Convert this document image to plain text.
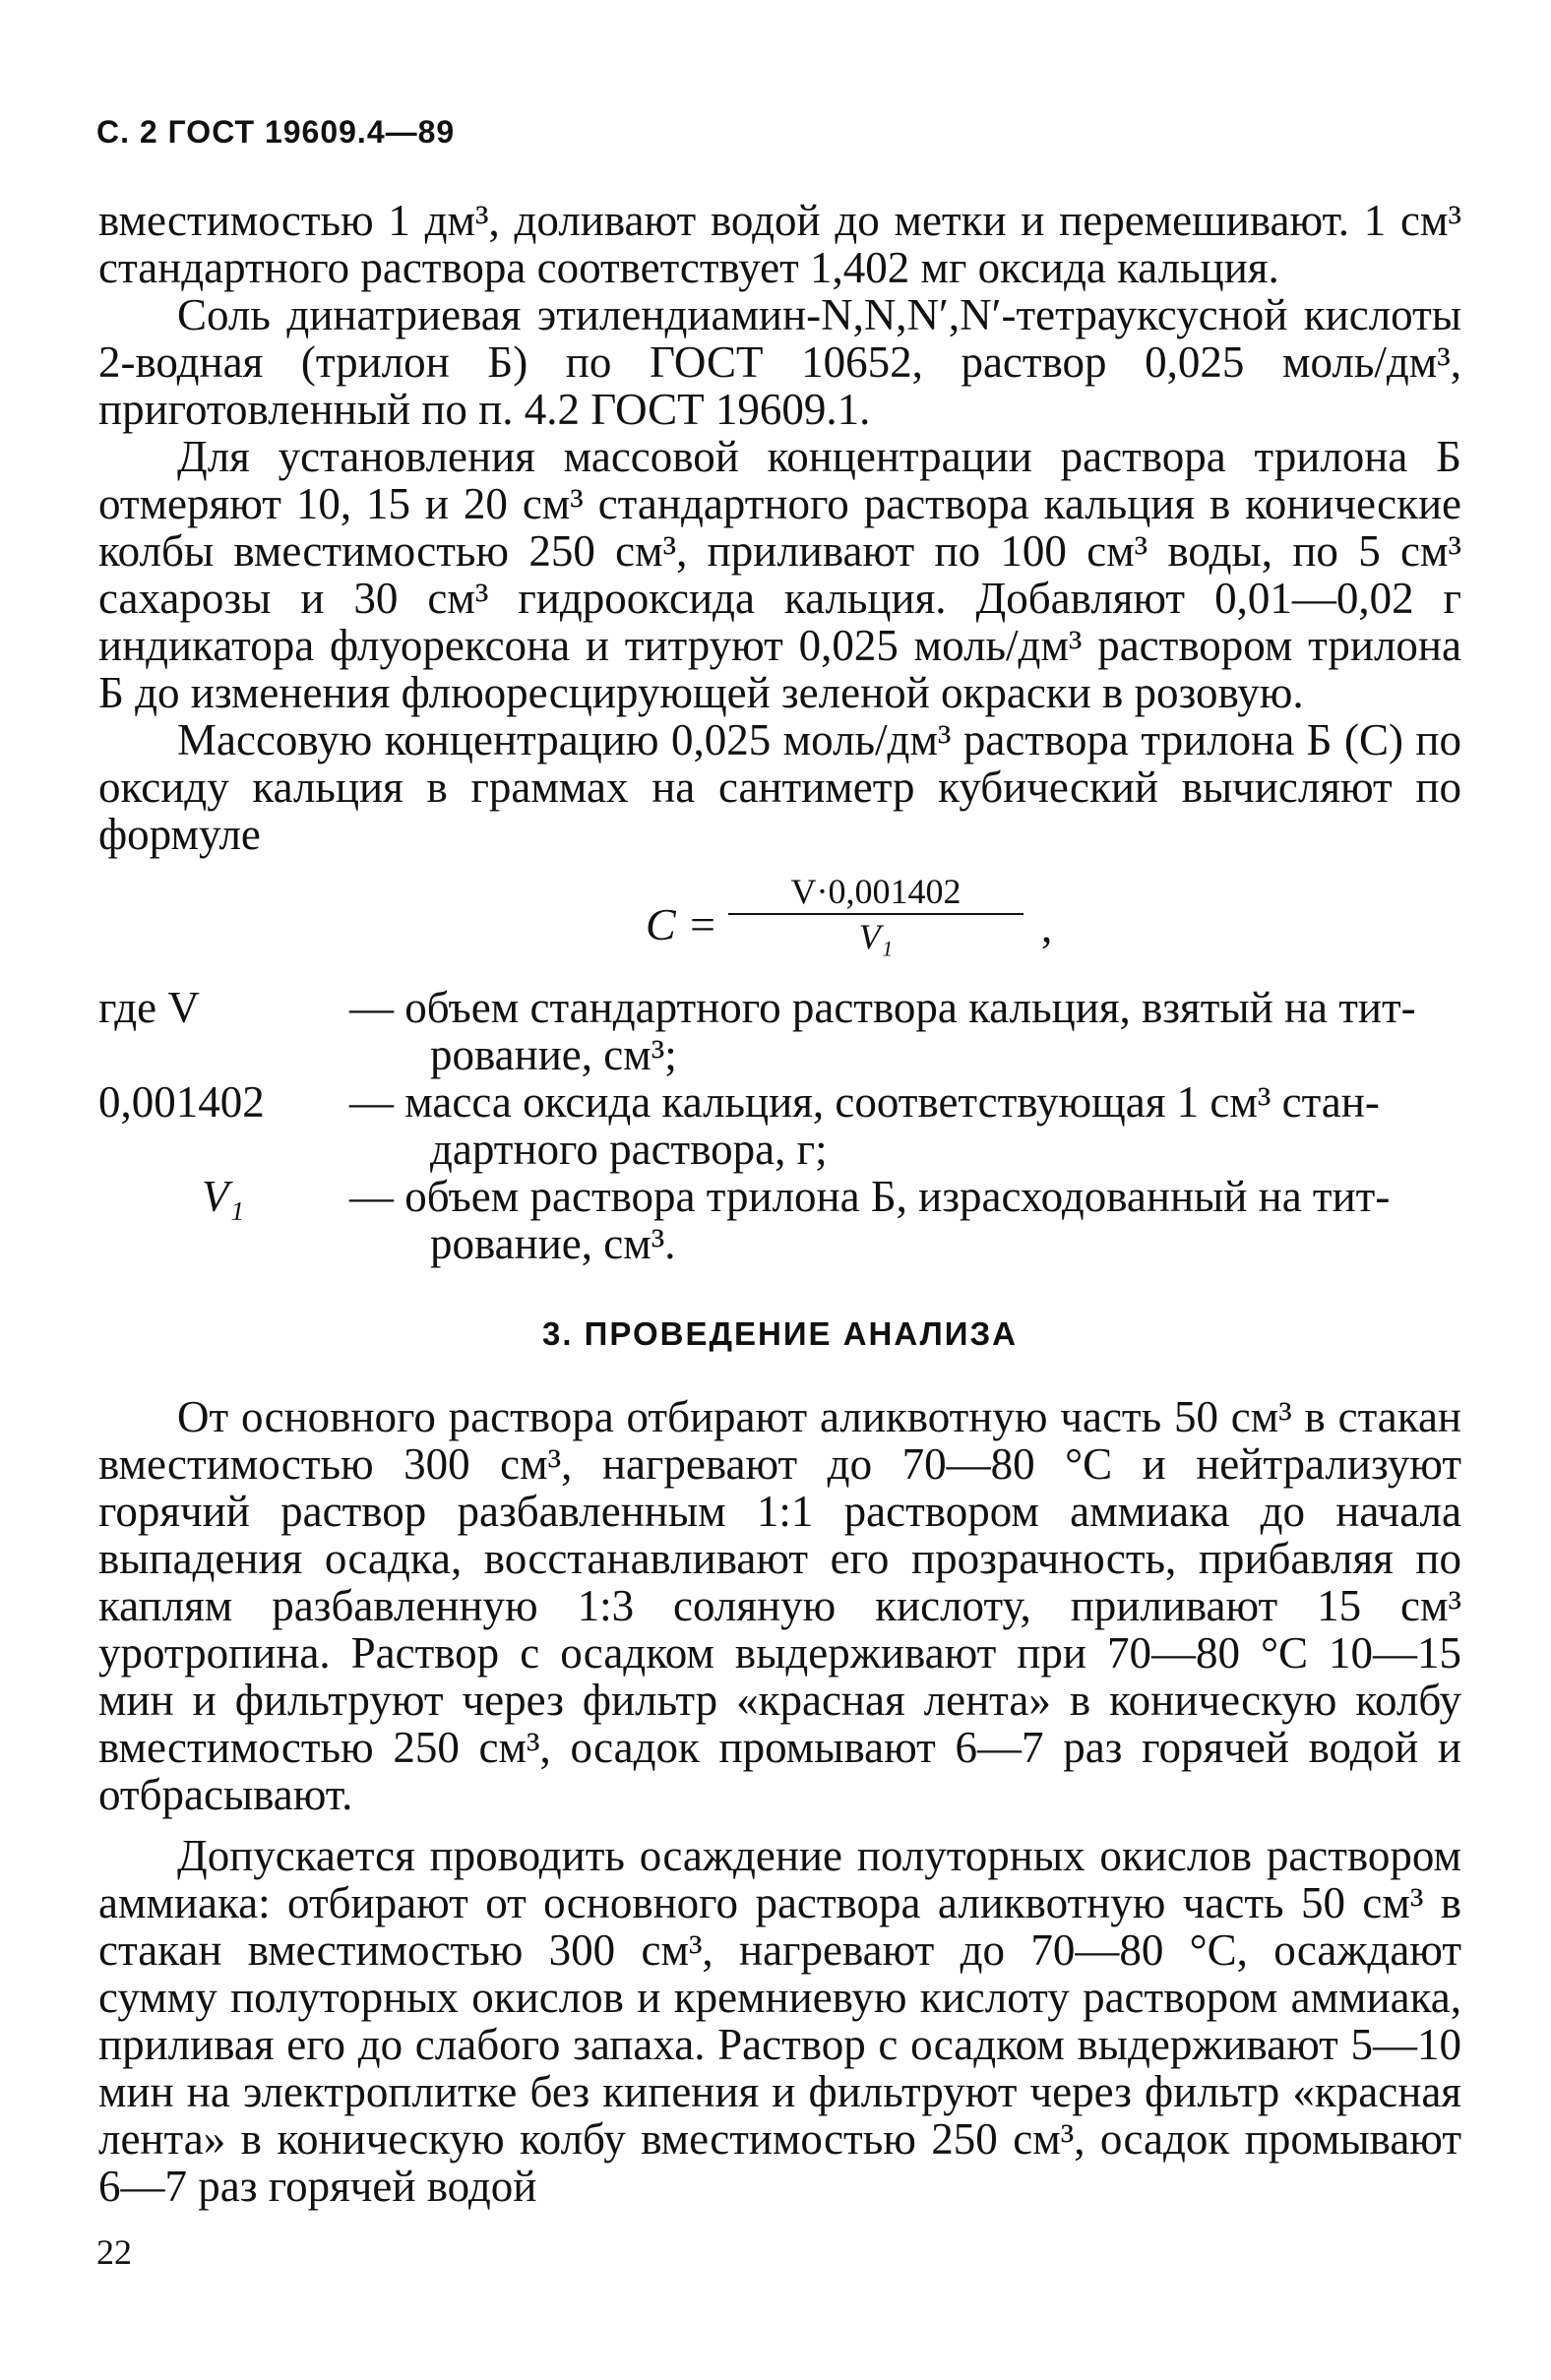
С. 2 ГОСТ 19609.4—89

вместимостью 1 дм³, доливают водой до метки и перемешивают. 1 см³ стандартного раствора соответствует 1,402 мг оксида кальция.

Соль динатриевая этилендиамин-N,N,N′,N′-тетрауксусной кислоты 2-водная (трилон Б) по ГОСТ 10652, раствор 0,025 моль/дм³, приготовленный по п. 4.2 ГОСТ 19609.1.

Для установления массовой концентрации раствора трилона Б отмеряют 10, 15 и 20 см³ стандартного раствора кальция в конические колбы вместимостью 250 см³, приливают по 100 см³ воды, по 5 см³ сахарозы и 30 см³ гидрооксида кальция. Добавляют 0,01—0,02 г индикатора флуорексона и титруют 0,025 моль/дм³ раствором трилона Б до изменения флюоресцирующей зеленой окраски в розовую.

Массовую концентрацию 0,025 моль/дм³ раствора трилона Б (С) по оксиду кальция в граммах на сантиметр кубический вычисляют по формуле

$C = \frac{V\cdot 0,001402}{\text{V₁}}$ ,
где V	— объем стандартного раствора кальция, взятый на тит-
рование, см³;
0,001402	— масса оксида кальция, соответствующая 1 см³ стан-
дартного раствора, г;
V₁	— объем раствора трилона Б, израсходованный на тит-
рование, см³.
3. ПРОВЕДЕНИЕ АНАЛИЗА

От основного раствора отбирают аликвотную часть 50 см³ в стакан вместимостью 300 см³, нагревают до 70—80 °С и нейтрализуют горячий раствор разбавленным 1:1 раствором аммиака до начала выпадения осадка, восстанавливают его прозрачность, прибавляя по каплям разбавленную 1:3 соляную кислоту, приливают 15 см³ уротропина. Раствор с осадком выдерживают при 70—80 °С 10—15 мин и фильтруют через фильтр «красная лента» в коническую колбу вместимостью 250 см³, осадок промывают 6—7 раз горячей водой и отбрасывают.

Допускается проводить осаждение полуторных окислов раствором аммиака: отбирают от основного раствора аликвотную часть 50 см³ в стакан вместимостью 300 см³, нагревают до 70—80 °С, осаждают сумму полуторных окислов и кремниевую кислоту раствором аммиака, приливая его до слабого запаха. Раствор с осадком выдерживают 5—10 мин на электроплитке без кипения и фильтруют через фильтр «красная лента» в коническую колбу вместимостью 250 см³, осадок промывают 6—7 раз горячей водой

22
